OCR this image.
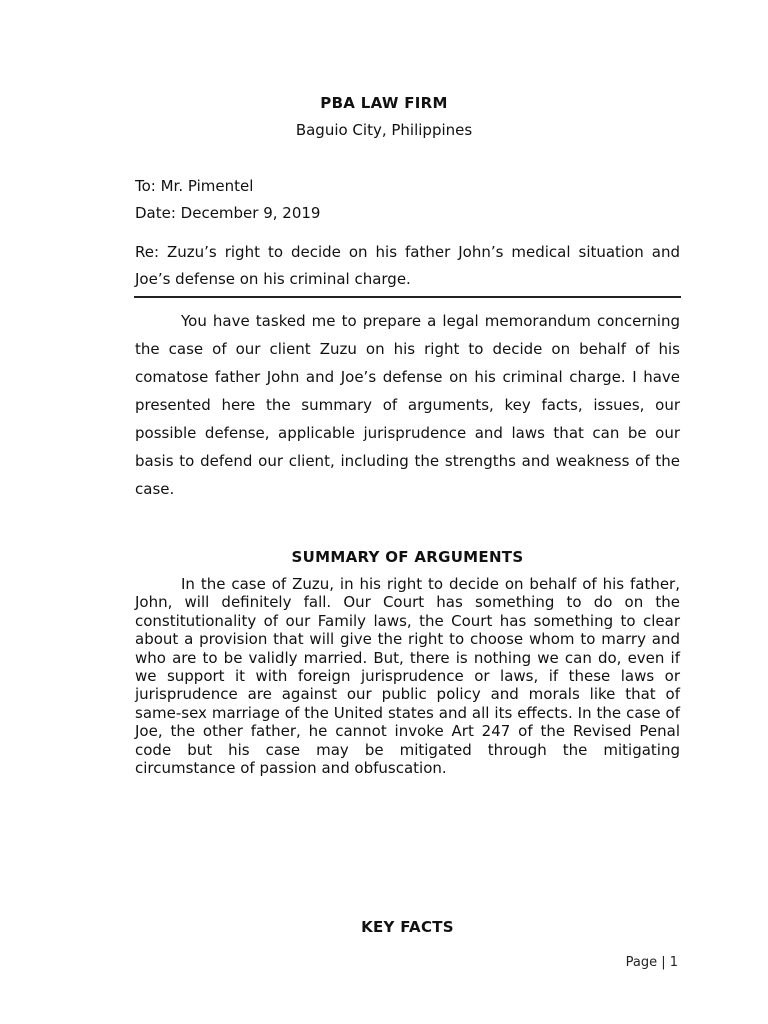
PBA LAW FIRM
Baguio City, Philippines
To: Mr. Pimentel
Date: December 9, 2019
Re: Zuzu’s right to decide on his father John’s medical situation and Joe’s defense on his criminal charge.

You have tasked me to prepare a legal memorandum concerning the case of our client Zuzu on his right to decide on behalf of his comatose father John and Joe’s defense on his criminal charge. I have presented here the summary of arguments, key facts, issues, our possible defense, applicable jurisprudence and laws that can be our basis to defend our client, including the strengths and weakness of the case.

SUMMARY OF ARGUMENTS

In the case of Zuzu, in his right to decide on behalf of his father, John, will definitely fall. Our Court has something to do on the constitutionality of our Family laws, the Court has something to clear about a provision that will give the right to choose whom to marry and who are to be validly married. But, there is nothing we can do, even if we support it with foreign jurisprudence or laws, if these laws or jurisprudence are against our public policy and morals like that of same-sex marriage of the United states and all its effects. In the case of Joe, the other father, he cannot invoke Art 247 of the Revised Penal code but his case may be mitigated through the mitigating circumstance of passion and obfuscation.

KEY FACTS
Page | 1
